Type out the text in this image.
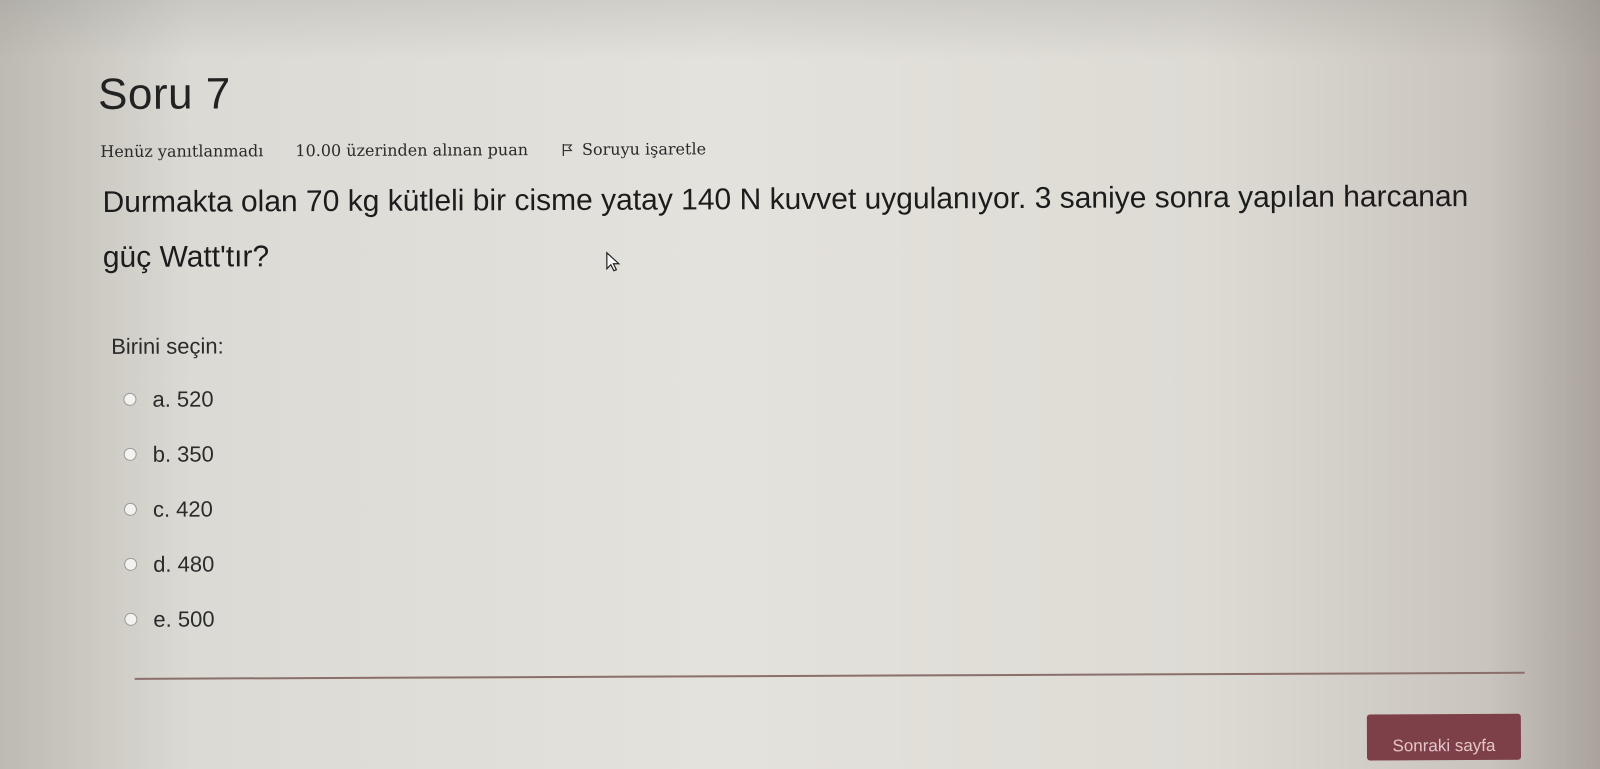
Soru 7
Henüz yanıtlanmadı 10.00 üzerinden alınan puan	Soruyu işaretle

Durmakta olan 70 kg kütleli bir cisme yatay 140 N kuvvet uygulanıyor. 3 saniye sonra yapılan harcanan güç Watt'tır?

Birini seçin:
a. 520
b. 350
c. 420
d. 480
e. 500
Sonraki sayfa
